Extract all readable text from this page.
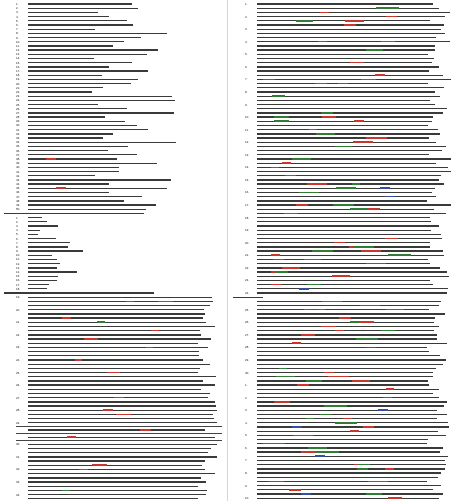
1.
2.
3.
4.
5.
6.
7.
8.
9.
10.
11.
12.
13.
14.
15.
16.
17.
18.
19.
20.
21.
22.
23.
24.
25.
26.
27.
28.
29.
30.
31.
32.
33.
34.
35.
36.
37.
38.
39.
40.
41.
42.
43.
44.
45.
46.
47.
48.
49.
50.
1.
2.
3.
4.
5.
6.
7.
8.
9.
10.
11.
12.
13.
14.
15.
16.
17.
18.
19.
20.
21.
22.
23.
24.
25.
26.
27.
28.
29.
30.
31.
32.
33.
34.
1.
2.
3.
4.
5.
6.
7.
8.
9.
10.
11.
12.
13.
14.
15.
16.
17.
18.
19.
20.
21.
22.
23.
24.
25.
26.
27.
28.
29.
30.
1.
2.
3.
4.
5.
6.
7.
8.
9.
10.
